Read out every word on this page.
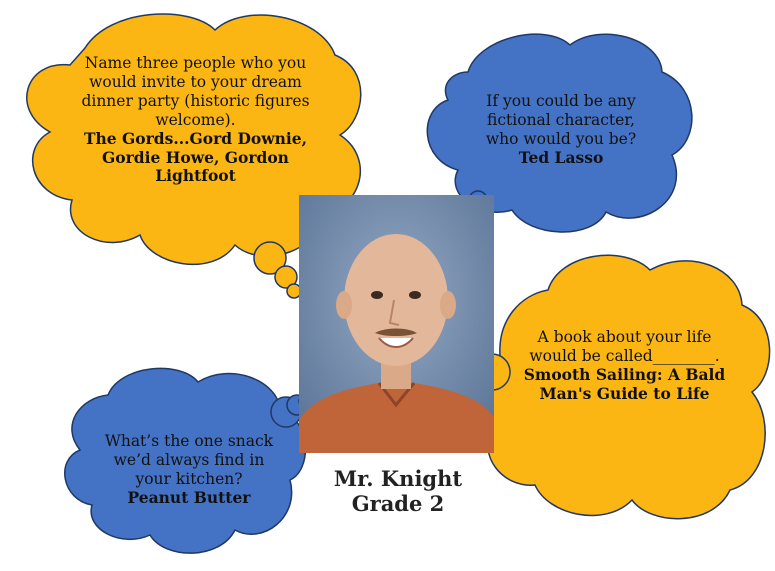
Name three people who you would invite to your dream dinner party (historic figures welcome).
The Gords...Gord Downie, Gordie Howe, Gordon Lightfoot
If you could be any fictional character, who would you be?
Ted Lasso
A book about your life would be called________.
Smooth Sailing: A Bald Man's Guide to Life
What’s the one snack we’d always find in your kitchen?
Peanut Butter
Mr. Knight
Grade 2
